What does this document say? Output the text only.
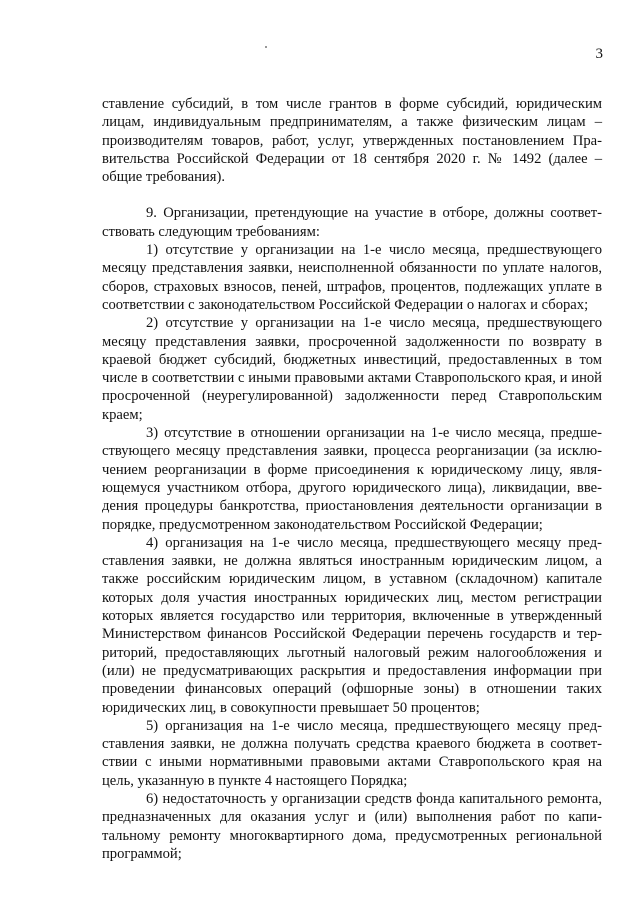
3

ставление субсидий, в том числе грантов в форме субсидий, юридическим лицам, индивидуальным предпринимателям, а также физическим лицам – производителям товаров, работ, услуг, утвержденных постановлением Правительства Российской Федерации от 18 сентября 2020 г. № 1492 (далее – общие требования).

9. Организации, претендующие на участие в отборе, должны соответствовать следующим требованиям:

1) отсутствие у организации на 1-е число месяца, предшествующего месяцу представления заявки, неисполненной обязанности по уплате налогов, сборов, страховых взносов, пеней, штрафов, процентов, подлежащих уплате в соответствии с законодательством Российской Федерации о налогах и сборах;

2) отсутствие у организации на 1-е число месяца, предшествующего месяцу представления заявки, просроченной задолженности по возврату в краевой бюджет субсидий, бюджетных инвестиций, предоставленных в том числе в соответствии с иными правовыми актами Ставропольского края, и иной просроченной (неурегулированной) задолженности перед Ставропольским краем;

3) отсутствие в отношении организации на 1-е число месяца, предшествующего месяцу представления заявки, процесса реорганизации (за исключением реорганизации в форме присоединения к юридическому лицу, являющемуся участником отбора, другого юридического лица), ликвидации, введения процедуры банкротства, приостановления деятельности организации в порядке, предусмотренном законодательством Российской Федерации;

4) организация на 1-е число месяца, предшествующего месяцу представления заявки, не должна являться иностранным юридическим лицом, а также российским юридическим лицом, в уставном (складочном) капитале которых доля участия иностранных юридических лиц, местом регистрации которых является государство или территория, включенные в утвержденный Министерством финансов Российской Федерации перечень государств и территорий, предоставляющих льготный налоговый режим налогообложения и (или) не предусматривающих раскрытия и предоставления информации при проведении финансовых операций (офшорные зоны) в отношении таких юридических лиц, в совокупности превышает 50 процентов;

5) организация на 1-е число месяца, предшествующего месяцу представления заявки, не должна получать средства краевого бюджета в соответствии с иными нормативными правовыми актами Ставропольского края на цель, указанную в пункте 4 настоящего Порядка;

6) недостаточность у организации средств фонда капитального ремонта, предназначенных для оказания услуг и (или) выполнения работ по капитальному ремонту многоквартирного дома, предусмотренных региональной программой;
